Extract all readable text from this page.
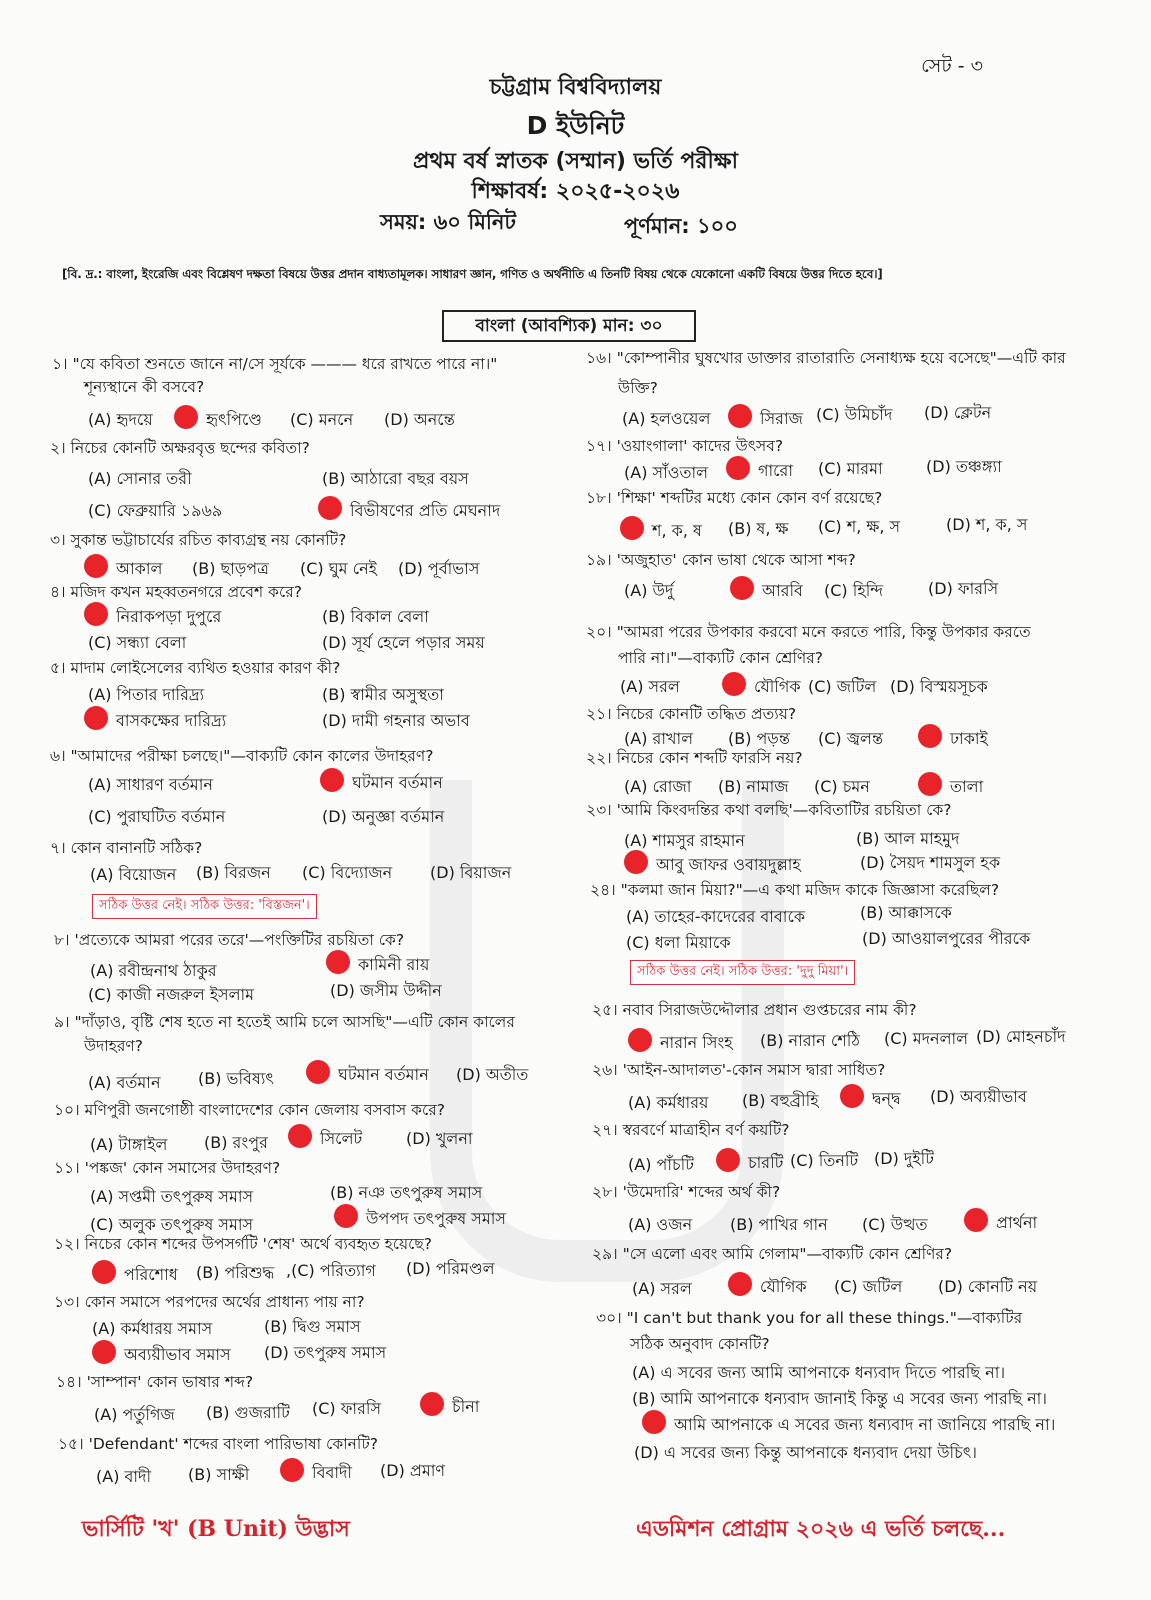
সেট - ৩
চট্টগ্রাম বিশ্ববিদ্যালয়
D ইউনিট
প্রথম বর্ষ স্নাতক (সম্মান) ভর্তি পরীক্ষা
শিক্ষাবর্ষ: ২০২৫-২০২৬
সময়: ৬০ মিনিট	পূর্ণমান: ১০০
[বি. দ্র.: বাংলা, ইংরেজি এবং বিশ্লেষণ দক্ষতা বিষয়ে উত্তর প্রদান বাধ্যতামূলক। সাধারণ জ্ঞান, গণিত ও অর্থনীতি এ তিনটি বিষয় থেকে যেকোনো একটি বিষয়ে উত্তর দিতে হবে।]
বাংলা (আবশ্যিক) মান: ৩০
১। "যে কবিতা শুনতে জানে না/সে সূর্যকে ——— ধরে রাখতে পারে না।"
শূন্যস্থানে কী বসবে?
(A) হৃদয়ে	হৃৎপিণ্ডে (C) মননে (D) অনন্তে
২। নিচের কোনটি অক্ষরবৃত্ত ছন্দের কবিতা?
(A) সোনার তরী	(B) আঠারো বছর বয়স
(C) ফেব্রুয়ারি ১৯৬৯	বিভীষণের প্রতি মেঘনাদ
৩। সুকান্ত ভট্টাচার্যের রচিত কাব্যগ্রন্থ নয় কোনটি?
আকাল (B) ছাড়পত্র (C) ঘুম নেই (D) পূর্বাভাস
৪। মজিদ কখন মহব্বতনগরে প্রবেশ করে?
নিরাকপড়া দুপুরে	(B) বিকাল বেলা
(C) সন্ধ্যা বেলা	(D) সূর্য হেলে পড়ার সময়
৫। মাদাম লোইসেলের ব্যথিত হওয়ার কারণ কী?
(A) পিতার দারিদ্র্য	(B) স্বামীর অসুস্থতা
বাসকক্ষের দারিদ্র্য	(D) দামী গহনার অভাব
৬। "আমাদের পরীক্ষা চলছে।"—বাক্যটি কোন কালের উদাহরণ?
(A) সাধারণ বর্তমান	ঘটমান বর্তমান
(C) পুরাঘটিত বর্তমান	(D) অনুজ্ঞা বর্তমান
৭। কোন বানানটি সঠিক?
(A) বিয়োজন (B) বিরজন (C) বিদ্যোজন (D) বিয়াজন
সঠিক উত্তর নেই। সঠিক উত্তর: 'বিস্তজন'।
৮। 'প্রত্যেকে আমরা পরের তরে'—পংক্তিটির রচয়িতা কে?
(A) রবীন্দ্রনাথ ঠাকুর	কামিনী রায়
(C) কাজী নজরুল ইসলাম	(D) জসীম উদ্দীন
৯। "দাঁড়াও, বৃষ্টি শেষ হতে না হতেই আমি চলে আসছি"—এটি কোন কালের
উদাহরণ?
(A) বর্তমান (B) ভবিষ্যৎ	ঘটমান বর্তমান (D) অতীত
১০। মণিপুরী জনগোষ্ঠী বাংলাদেশের কোন জেলায় বসবাস করে?
(A) টাঙ্গাইল (B) রংপুর	সিলেট	(D) খুলনা
১১। 'পঙ্কজ' কোন সমাসের উদাহরণ?
(A) সপ্তমী তৎপুরুষ সমাস	(B) নঞ তৎপুরুষ সমাস
(C) অলুক তৎপুরুষ সমাস	উপপদ তৎপুরুষ সমাস
১২। নিচের কোন শব্দের উপসর্গটি 'শেষ' অর্থে ব্যবহৃত হয়েছে?
পরিশোধ (B) পরিশুদ্ধ ,(C) পরিত্যাগ (D) পরিমণ্ডল
১৩। কোন সমাসে পরপদের অর্থের প্রাধান্য পায় না?
(A) কর্মধারয় সমাস	(B) দ্বিগু সমাস
অব্যয়ীভাব সমাস (D) তৎপুরুষ সমাস
১৪। 'সাম্পান' কোন ভাষার শব্দ?
(A) পর্তুগিজ (B) গুজরাটি (C) ফারসি	চীনা
১৫। 'Defendant' শব্দের বাংলা পারিভাষা কোনটি?
(A) বাদী (B) সাক্ষী	বিবাদী (D) প্রমাণ
১৬। "কোম্পানীর ঘুষখোর ডাক্তার রাতারাতি সেনাধ্যক্ষ হয়ে বসেছে"—এটি কার
উক্তি?
(A) হলওয়েল	সিরাজ (C) উমিচাঁদ (D) ক্লেটন
১৭। 'ওয়াংগালা' কাদের উৎসব?
(A) সাঁওতাল	গারো (C) মারমা	(D) তঞ্চঙ্গ্যা
১৮। 'শিক্ষা' শব্দটির মধ্যে কোন কোন বর্ণ রয়েছে?
শ, ক, ষ (B) ষ, ক্ষ (C) শ, ক্ষ, স	(D) শ, ক, স
১৯। 'অজুহাত' কোন ভাষা থেকে আসা শব্দ?
(A) উর্দু	আরবি (C) হিন্দি	(D) ফারসি
২০। "আমরা পরের উপকার করবো মনে করতে পারি, কিন্তু উপকার করতে
পারি না।"—বাক্যটি কোন শ্রেণির?
(A) সরল	যৌগিক (C) জটিল (D) বিস্ময়সূচক
২১। নিচের কোনটি তদ্ধিত প্রত্যয়?
(A) রাখাল (B) পড়ন্ত (C) জ্বলন্ত	ঢাকাই
২২। নিচের কোন শব্দটি ফারসি নয়?
(A) রোজা (B) নামাজ (C) চমন	তালা
২৩। 'আমি কিংবদন্তির কথা বলছি'—কবিতাটির রচয়িতা কে?
(A) শামসুর রাহমান	(B) আল মাহমুদ
আবু জাফর ওবায়দুল্লাহ	(D) সৈয়দ শামসুল হক
২৪। "কলমা জান মিয়া?"—এ কথা মজিদ কাকে জিজ্ঞাসা করেছিল?
(A) তাহের-কাদেরের বাবাকে	(B) আক্কাসকে
(C) ধলা মিয়াকে	(D) আওয়ালপুরের পীরকে
সঠিক উত্তর নেই। সঠিক উত্তর: 'দুদু মিয়া'।
২৫। নবাব সিরাজউদ্দৌলার প্রধান গুপ্তচরের নাম কী?
নারান সিংহ (B) নারান শেঠি (C) মদনলাল (D) মোহনচাঁদ
২৬। 'আইন-আদালত'-কোন সমাস দ্বারা সাধিত?
(A) কর্মধারয় (B) বহুব্রীহি	দ্বন্দ্ব (D) অব্যয়ীভাব
২৭। স্বরবর্ণে মাত্রাহীন বর্ণ কয়টি?
(A) পাঁচটি	চারটি (C) তিনটি (D) দুইটি
২৮। 'উমেদারি' শব্দের অর্থ কী?
(A) ওজন (B) পাখির গান (C) উত্থত	প্রার্থনা
২৯। "সে এলো এবং আমি গেলাম"—বাক্যটি কোন শ্রেণির?
(A) সরল	যৌগিক (C) জটিল (D) কোনটি নয়
৩০। "I can't but thank you for all these things."—বাক্যটির
সঠিক অনুবাদ কোনটি?
(A) এ সবের জন্য আমি আপনাকে ধন্যবাদ দিতে পারছি না।
(B) আমি আপনাকে ধন্যবাদ জানাই কিন্তু এ সবের জন্য পারছি না।
আমি আপনাকে এ সবের জন্য ধন্যবাদ না জানিয়ে পারছি না।
(D) এ সবের জন্য কিন্তু আপনাকে ধন্যবাদ দেয়া উচিৎ।
ভার্সিটি 'খ' (B Unit) উদ্ভাস	এডমিশন প্রোগ্রাম ২০২৬ এ ভর্তি চলছে...
